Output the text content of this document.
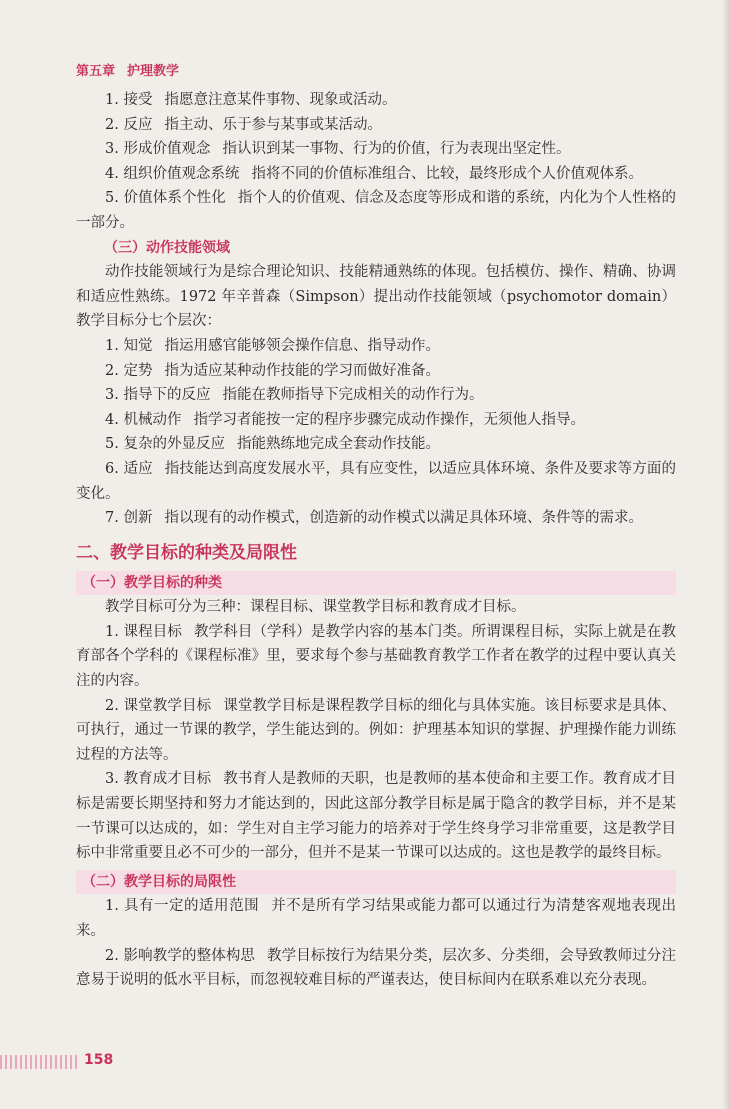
第五章 护理教学

1. 接受 指愿意注意某件事物、现象或活动。

2. 反应 指主动、乐于参与某事或某活动。

3. 形成价值观念 指认识到某一事物、行为的价值，行为表现出坚定性。

4. 组织价值观念系统 指将不同的价值标准组合、比较，最终形成个人价值观体系。

5. 价值体系个性化 指个人的价值观、信念及态度等形成和谐的系统，内化为个人性格的一部分。

（三）动作技能领域

动作技能领域行为是综合理论知识、技能精通熟练的体现。包括模仿、操作、精确、协调和适应性熟练。1972 年辛普森（Simpson）提出动作技能领域（psychomotor domain）教学目标分七个层次：

1. 知觉 指运用感官能够领会操作信息、指导动作。

2. 定势 指为适应某种动作技能的学习而做好准备。

3. 指导下的反应 指能在教师指导下完成相关的动作行为。

4. 机械动作 指学习者能按一定的程序步骤完成动作操作，无须他人指导。

5. 复杂的外显反应 指能熟练地完成全套动作技能。

6. 适应 指技能达到高度发展水平，具有应变性，以适应具体环境、条件及要求等方面的变化。

7. 创新 指以现有的动作模式，创造新的动作模式以满足具体环境、条件等的需求。

二、教学目标的种类及局限性
（一）教学目标的种类

教学目标可分为三种：课程目标、课堂教学目标和教育成才目标。

1. 课程目标 教学科目（学科）是教学内容的基本门类。所谓课程目标，实际上就是在教育部各个学科的《课程标准》里，要求每个参与基础教育教学工作者在教学的过程中要认真关注的内容。

2. 课堂教学目标 课堂教学目标是课程教学目标的细化与具体实施。该目标要求是具体、可执行，通过一节课的教学，学生能达到的。例如：护理基本知识的掌握、护理操作能力训练过程的方法等。

3. 教育成才目标 教书育人是教师的天职，也是教师的基本使命和主要工作。教育成才目标是需要长期坚持和努力才能达到的，因此这部分教学目标是属于隐含的教学目标，并不是某一节课可以达成的，如：学生对自主学习能力的培养对于学生终身学习非常重要，这是教学目标中非常重要且必不可少的一部分，但并不是某一节课可以达成的。这也是教学的最终目标。

（二）教学目标的局限性

1. 具有一定的适用范围 并不是所有学习结果或能力都可以通过行为清楚客观地表现出来。

2. 影响教学的整体构思 教学目标按行为结果分类，层次多、分类细，会导致教师过分注意易于说明的低水平目标，而忽视较难目标的严谨表达，使目标间内在联系难以充分表现。

158
